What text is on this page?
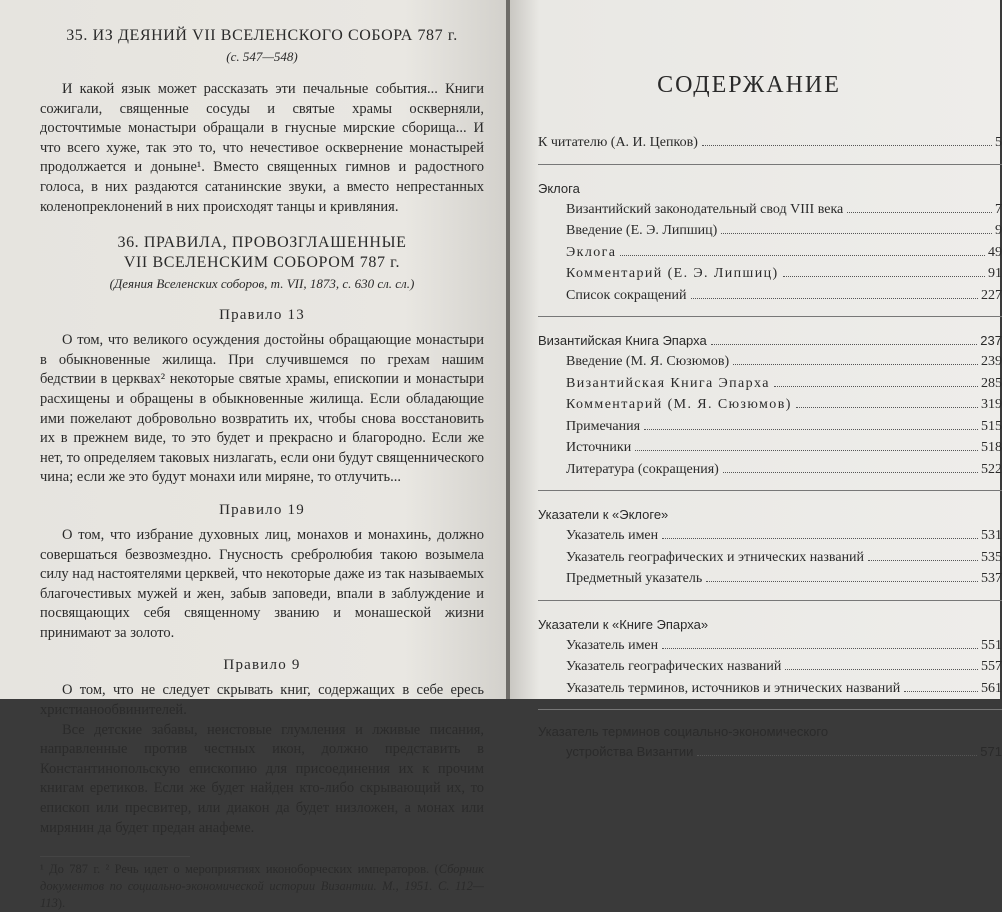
35. ИЗ ДЕЯНИЙ VII ВСЕЛЕНСКОГО СОБОРА 787 г.

(с. 547—548)

И какой язык может рассказать эти печальные события... Книги сожигали, священные сосуды и святые храмы оскверняли, досточтимые монастыри обращали в гнусные мирские сборища... И что всего хуже, так это то, что нечестивое осквернение монастырей продолжается и доныне¹. Вместо священных гимнов и радостного голоса, в них раздаются сатанинские звуки, а вместо непрестанных коленопреклонений в них происходят танцы и кривляния.

36. ПРАВИЛА, ПРОВОЗГЛАШЕННЫЕ

VII ВСЕЛЕНСКИМ СОБОРОМ 787 г.

(Деяния Вселенских соборов, т. VII, 1873, с. 630 сл. сл.)

Правило 13

О том, что великого осуждения достойны обращающие монастыри в обыкновенные жилища. При случившемся по грехам нашим бедствии в церквах² некоторые святые храмы, епископии и монастыри расхищены и обращены в обыкновенные жилища. Если обладающие ими пожелают добровольно возвратить их, чтобы снова восстановить их в прежнем виде, то это будет и прекрасно и благородно. Если же нет, то определяем таковых низлагать, если они будут священнического чина; если же это будут монахи или миряне, то отлучить...

Правило 19

О том, что избрание духовных лиц, монахов и монахинь, должно совершаться безвозмездно. Гнусность сребролюбия такою возымела силу над настоятелями церквей, что некоторые даже из так называемых благочестивых мужей и жен, забыв заповеди, впали в заблуждение и посвящающих себя священному званию и монашеской жизни принимают за золото.

Правило 9

О том, что не следует скрывать книг, содержащих в себе ересь христианообвинителей.

Все детские забавы, неистовые глумления и лживые писания, направленные против честных икон, должно представить в Константинопольскую епископию для присоединения их к прочим книгам еретиков. Если же будет найден кто-либо скрывающий их, то епископ или пресвитер, или диакон да будет низложен, а монах или мирянин да будет предан анафеме.

¹ До 787 г. ² Речь идет о мероприятиях иконоборческих императоров. (Сборник документов по социально-экономической истории Византии. М., 1951. С. 112—113).

СОДЕРЖАНИЕ

К читателю (А. И. Цепков)	5
Эклога
Византийский законодательный свод VIII века	7
Введение (Е. Э. Липшиц)	9
Эклога	49
Комментарий (Е. Э. Липшиц)	91
Список сокращений	227
Византийская Книга Эпарха	237
Введение (М. Я. Сюзюмов)	239
Византийская Книга Эпарха	285
Комментарий (М. Я. Сюзюмов)	319
Примечания	515
Источники	518
Литература (сокращения)	522
Указатели к «Эклоге»
Указатель имен	531
Указатель географических и этнических названий	535
Предметный указатель	537
Указатели к «Книге Эпарха»
Указатель имен	551
Указатель географических названий	557
Указатель терминов, источников и этнических названий	561
Указатель терминов социально-экономического
устройства Византии	571
